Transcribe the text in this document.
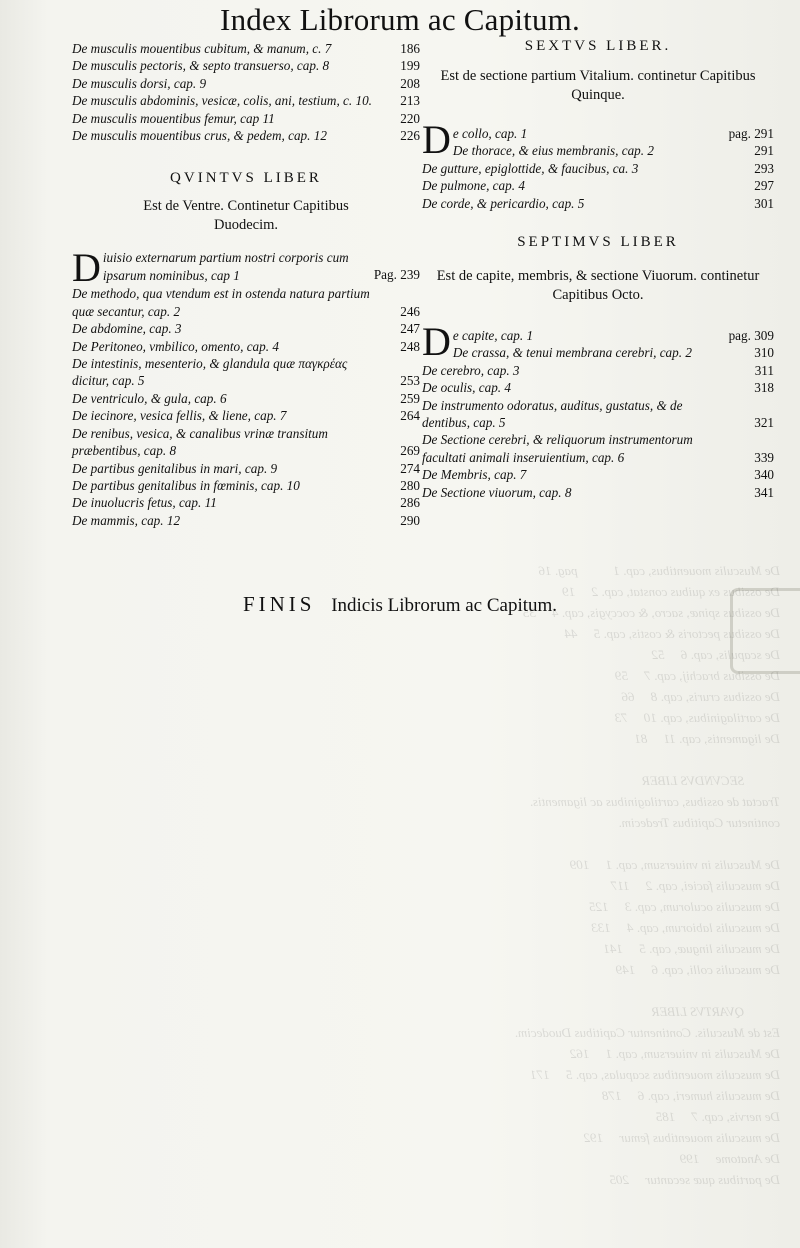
De Musculis mouentibus, cap. 1           pag. 16
De ossibus ex quibus constat, cap. 2     19
De ossibus spinæ, sacro, & coccygis, cap. 4     35
De ossibus pectoris & costis, cap. 5     44
De scapulis, cap. 6     52
De ossibus brachij, cap. 7     59
De ossibus cruris, cap. 8     66
De cartilaginibus, cap. 10     73
De ligamentis, cap. 11     81

SECVNDVS LIBER
Tractat de ossibus, cartilaginibus ac ligamentis.
continetur Capitibus Tredecim.

De Musculis in vniuersum, cap. 1     109
De musculis faciei, cap. 2     117
De musculis oculorum, cap. 3     125
De musculis labiorum, cap. 4     133
De musculis linguæ, cap. 5     141
De musculis colli, cap. 6     149

QVARTVS LIBER
Est de Musculis. Continentur Capitibus Duodecim.
De Musculis in vniuersum, cap. 1     162
De musculis mouentibus scapulas, cap. 5     171
De musculis humeri, cap. 6     178
De nervis, cap. 7     185
De musculis mouentibus femur     192
De Anatome     199
De partibus quæ secantur     205
Index Librorum ac Capitum.
De musculis mouentibus cubitum, & manum, c. 7	186
De musculis pectoris, & septo transuerso, cap. 8	199
De musculis dorsi, cap. 9	208
De musculis abdominis, vesicæ, colis, ani, testium, c. 10. 213
De musculis mouentibus femur, cap 11	220
De musculis mouentibus crus, & pedem, cap. 12	226
QVINTVS LIBER
Est de Ventre. Continetur Capitibus Duodecim.
D iuisio externarum partium nostri corporis cum ipsarum nominibus, cap 1	Pag. 239
De methodo, qua vtendum est in ostenda natura partium quæ secantur, cap. 2	246
De abdomine, cap. 3	247
De Peritoneo, vmbilico, omento, cap. 4	248
De intestinis, mesenterio, & glandula quæ παγκρέας dicitur, cap. 5	253
De ventriculo, & gula, cap. 6	259
De iecinore, vesica fellis, & liene, cap. 7	264
De renibus, vesica, & canalibus vrinæ transitum præbentibus, cap. 8	269
De partibus genitalibus in mari, cap. 9	274
De partibus genitalibus in fœminis, cap. 10	280
De inuolucris fetus, cap. 11	286
De mammis, cap. 12	290
SEXTVS LIBER.
Est de sectione partium Vitalium. continetur Capitibus Quinque.
D e collo, cap. 1	pag. 291
De thorace, & eius membranis, cap. 2	291
De gutture, epiglottide, & faucibus, ca. 3	293
De pulmone, cap. 4	297
De corde, & pericardio, cap. 5	301
SEPTIMVS LIBER
Est de capite, membris, & sectione Viuorum. continetur Capitibus Octo.
D e capite, cap. 1	pag. 309
De crassa, & tenui membrana cerebri, cap. 2	310
De cerebro, cap. 3	311
De oculis, cap. 4	318
De instrumento odoratus, auditus, gustatus, & de dentibus, cap. 5	321
De Sectione cerebri, & reliquorum instrumentorum facultati animali inseruientium, cap. 6	339
De Membris, cap. 7	340
De Sectione viuorum, cap. 8	341
FINIS Indicis Librorum ac Capitum.
